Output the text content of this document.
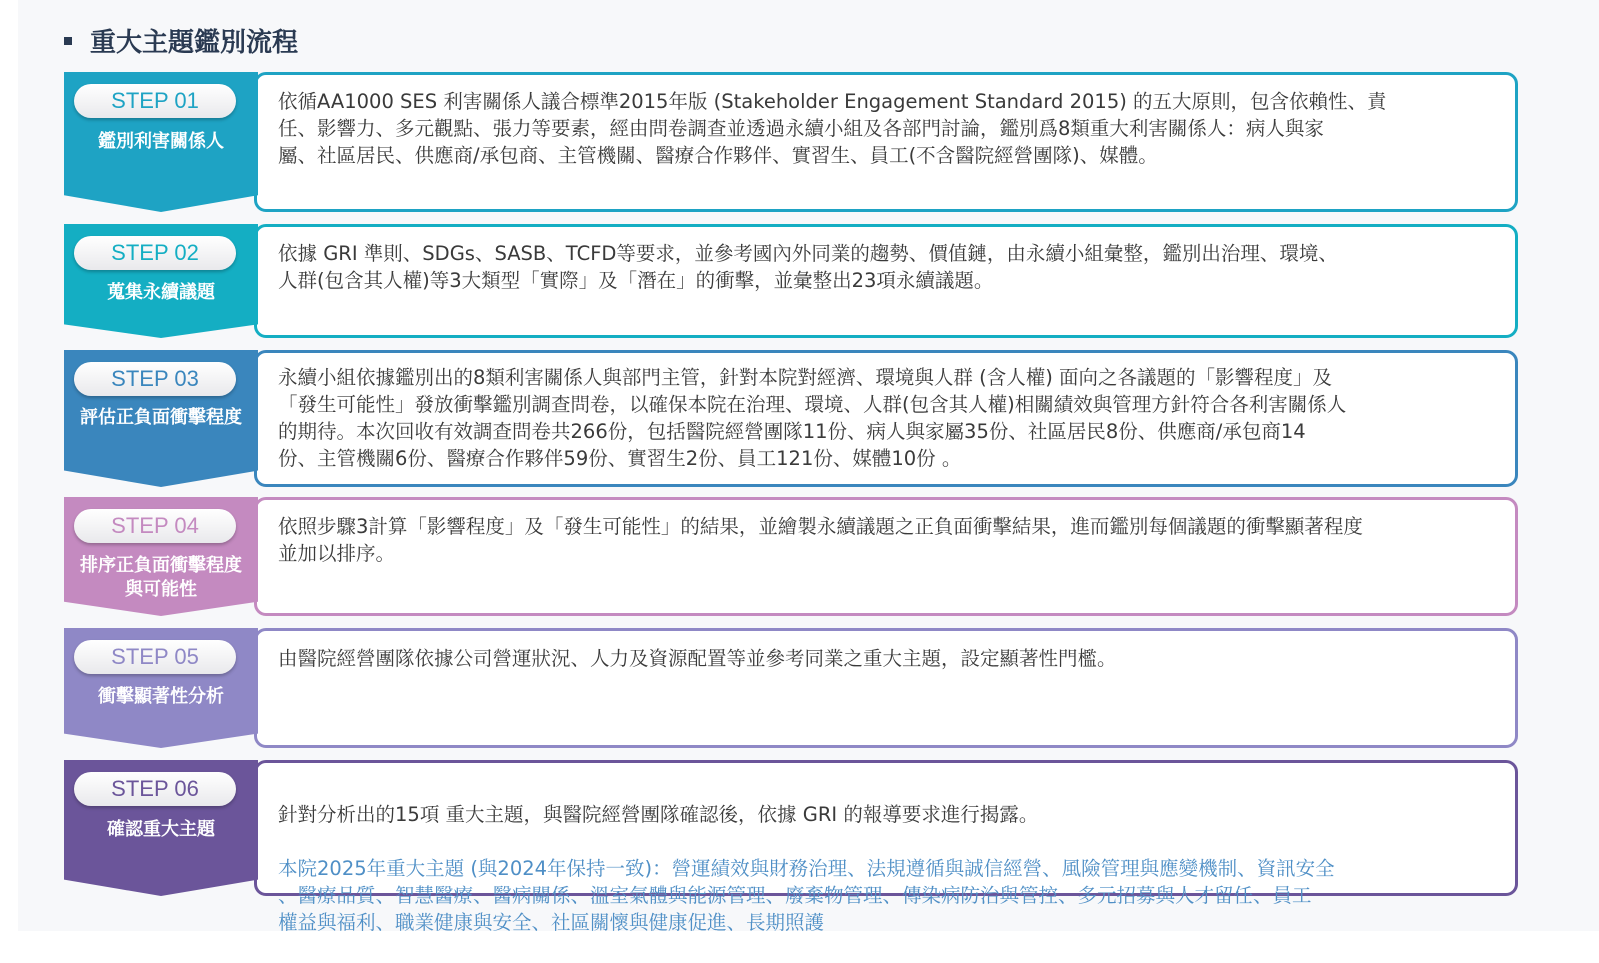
重大主題鑑別流程
STEP 01
鑑別利害關係人
依循AA1000 SES 利害關係人議合標準2015年版 (Stakeholder Engagement Standard 2015) 的五大原則，包含依賴性、責
任、影響力、多元觀點、張力等要素，經由問卷調查並透過永續小組及各部門討論，鑑別爲8類重大利害關係人：病人與家
屬、社區居民、供應商/承包商、主管機關、醫療合作夥伴、實習生、員工(不含醫院經營團隊)、媒體。
STEP 02
蒐集永續議題
依據 GRI 準則、SDGs、SASB、TCFD等要求，並參考國內外同業的趨勢、價值鏈，由永續小組彙整，鑑別出治理、環境、
人群(包含其人權)等3大類型「實際」及「潛在」的衝擊，並彙整出23項永續議題。
STEP 03
評估正負面衝擊程度
永續小組依據鑑別出的8類利害關係人與部門主管，針對本院對經濟、環境與人群 (含人權) 面向之各議題的「影響程度」及
「發生可能性」發放衝擊鑑別調查問卷，以確保本院在治理、環境、人群(包含其人權)相關績效與管理方針符合各利害關係人
的期待。本次回收有效調查問卷共266份，包括醫院經營團隊11份、病人與家屬35份、社區居民8份、供應商/承包商14
份、主管機關6份、醫療合作夥伴59份、實習生2份、員工121份、媒體10份 。
STEP 04
排序正負面衝擊程度
與可能性
依照步驟3計算「影響程度」及「發生可能性」的結果，並繪製永續議題之正負面衝擊結果，進而鑑別每個議題的衝擊顯著程度
並加以排序。
STEP 05
衝擊顯著性分析
由醫院經營團隊依據公司營運狀況、人力及資源配置等並參考同業之重大主題，設定顯著性門檻。
STEP 06
確認重大主題

針對分析出的15項 重大主題，與醫院經營團隊確認後，依據 GRI 的報導要求進行揭露。

本院2025年重大主題 (與2024年保持一致)：營運績效與財務治理、法規遵循與誠信經營、風險管理與應變機制、資訊安全
、醫療品質、智慧醫療、醫病關係、溫室氣體與能源管理、廢棄物管理、傳染病防治與管控、多元招募與人才留任、員工
權益與福利、職業健康與安全、社區關懷與健康促進、長期照護
